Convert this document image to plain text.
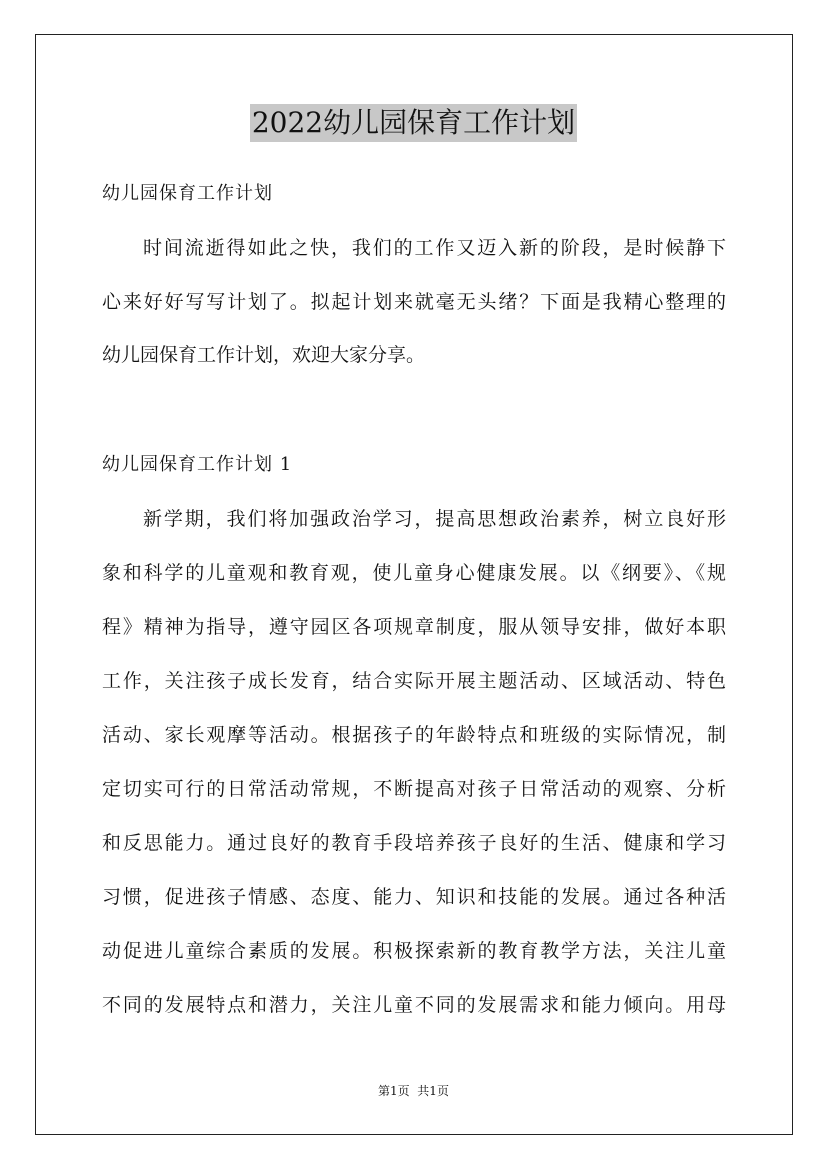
2022幼儿园保育工作计划
幼儿园保育工作计划
时间流逝得如此之快，我们的工作又迈入新的阶段，是时候静下
心来好好写写计划了。拟起计划来就毫无头绪？下面是我精心整理的
幼儿园保育工作计划，欢迎大家分享。
幼儿园保育工作计划 1
新学期，我们将加强政治学习，提高思想政治素养，树立良好形
象和科学的儿童观和教育观，使儿童身心健康发展。以《纲要》、《规
程》精神为指导，遵守园区各项规章制度，服从领导安排，做好本职
工作，关注孩子成长发育，结合实际开展主题活动、区域活动、特色
活动、家长观摩等活动。根据孩子的年龄特点和班级的实际情况，制
定切实可行的日常活动常规，不断提高对孩子日常活动的观察、分析
和反思能力。通过良好的教育手段培养孩子良好的生活、健康和学习
习惯，促进孩子情感、态度、能力、知识和技能的发展。通过各种活
动促进儿童综合素质的发展。积极探索新的教育教学方法，关注儿童
不同的发展特点和潜力，关注儿童不同的发展需求和能力倾向。用母
第1页  共1页
